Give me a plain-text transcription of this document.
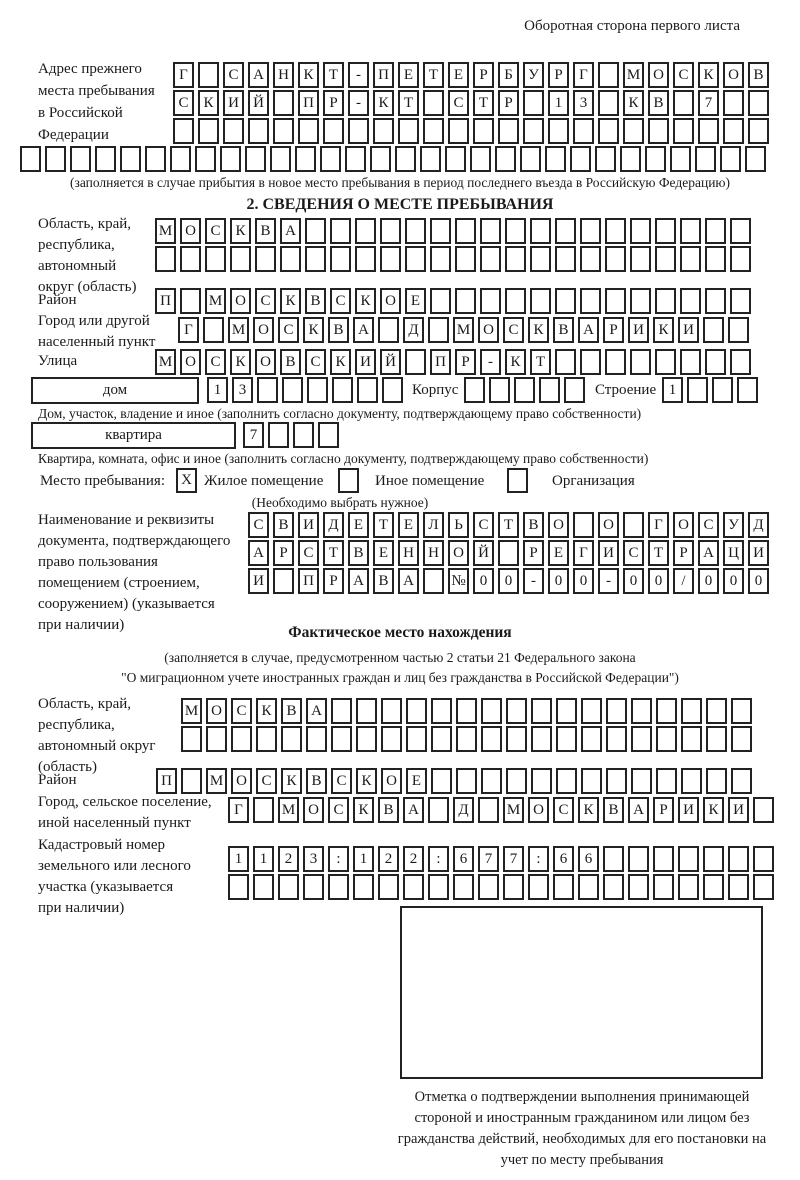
Оборотная сторона первого листа
Адрес прежнего
места пребывания
в Российской
Федерации
Г	С А Н К	Т	-	П Е	Т	Е	Р	Б	У	Р	Г	М О С К О В
С К И Й	П	Р	-	К	Т	С	Т	Р	1	3	К В	7
(заполняется в случае прибытия в новое место пребывания в период последнего въезда в Российскую Федерацию)
2. СВЕДЕНИЯ О МЕСТЕ ПРЕБЫВАНИЯ
Область, край,
республика,
автономный
округ (область)
М О С К В А
Район	П	М О С К В С К О Е
Город или другой
населенный пункт
Г	М О С К В А	Д	М О С К В А	Р	И К И
Улица	М О С К О В С К И Й	П	Р	-	К	Т
дом	1	3	Корпус	Строение 1
Дом, участок, владение и иное (заполнить согласно документу, подтверждающему право собственности)
квартира	7
Квартира, комната, офис и иное (заполнить согласно документу, подтверждающему право собственности)
Место пребывания:	X Жилое помещение	Иное помещение	Организация
(Необходимо выбрать нужное)
Наименование и реквизиты
документа, подтверждающего
право пользования
помещением (строением,
сооружением) (указывается
при наличии)
С В И Д	Е	Т	Е	Л	Ь	С	Т	В О	О	Г	О С У Д
А	Р	С	Т	В	Е	Н Н О Й	Р	Е	Г	И С	Т	Р	А Ц И
И	П	Р	А В А	№ 0	0	-	0	0	-	0	0	/	0	0	0
Фактическое место нахождения
(заполняется в случае, предусмотренном частью 2 статьи 21 Федерального закона
"О миграционном учете иностранных граждан и лиц без гражданства в Российской Федерации")
Область, край,
республика,
автономный округ
(область)
М О С К В А
Район	П	М О С К В С К О Е
Город, сельское поселение,
иной населенный пункт
Г	М О С К В А	Д	М О С К В А	Р	И К И
Кадастровый номер
земельного или лесного
участка (указывается
при наличии)
1	1	2	3	:	1	2	2	:	6	7	7	:	6	6
Отметка о подтверждении выполнения принимающей стороной и иностранным гражданином или лицом без гражданства действий, необходимых для его постановки на учет по месту пребывания
